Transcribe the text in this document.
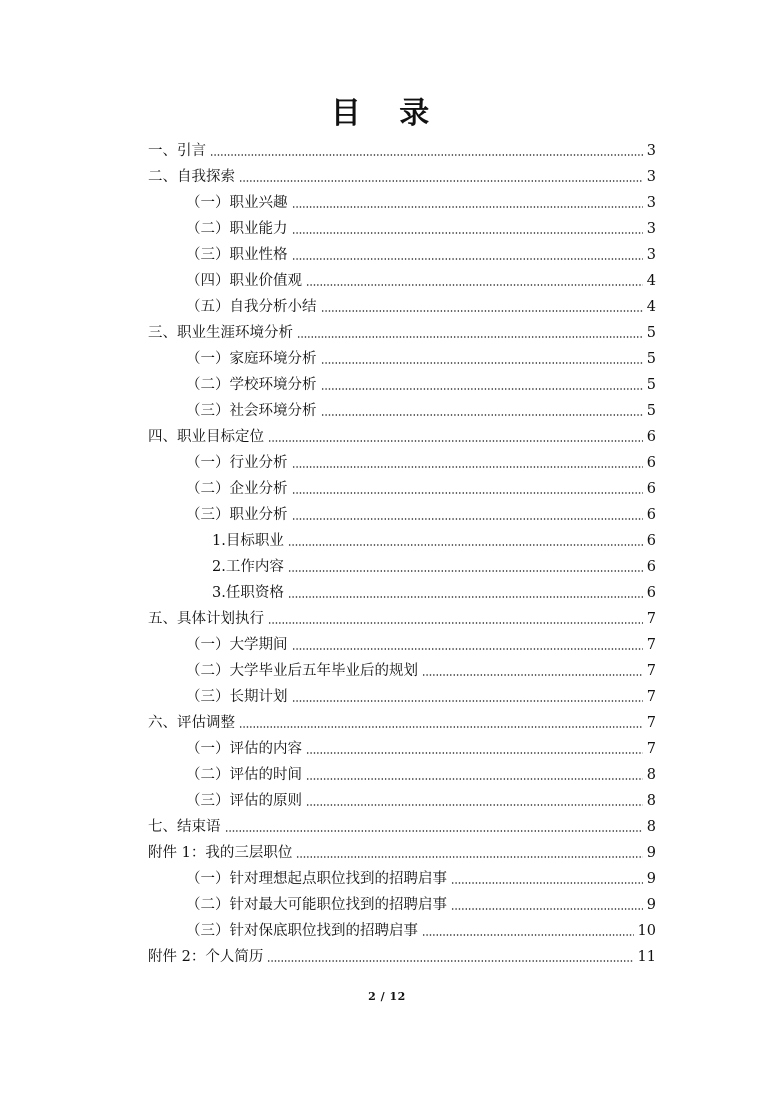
目 录
一、引言	3
二、自我探索	3
（一）职业兴趣	3
（二）职业能力	3
（三）职业性格	3
（四）职业价值观	4
（五）自我分析小结	4
三、职业生涯环境分析	5
（一）家庭环境分析	5
（二）学校环境分析	5
（三）社会环境分析	5
四、职业目标定位	6
（一）行业分析	6
（二）企业分析	6
（三）职业分析	6
1.目标职业	6
2.工作内容	6
3.任职资格	6
五、具体计划执行	7
（一）大学期间	7
（二）大学毕业后五年毕业后的规划	7
（三）长期计划	7
六、评估调整	7
（一）评估的内容	7
（二）评估的时间	8
（三）评估的原则	8
七、结束语	8
附件 1：我的三层职位	9
（一）针对理想起点职位找到的招聘启事	9
（二）针对最大可能职位找到的招聘启事	9
（三）针对保底职位找到的招聘启事	10
附件 2：个人简历	11
2 / 12
